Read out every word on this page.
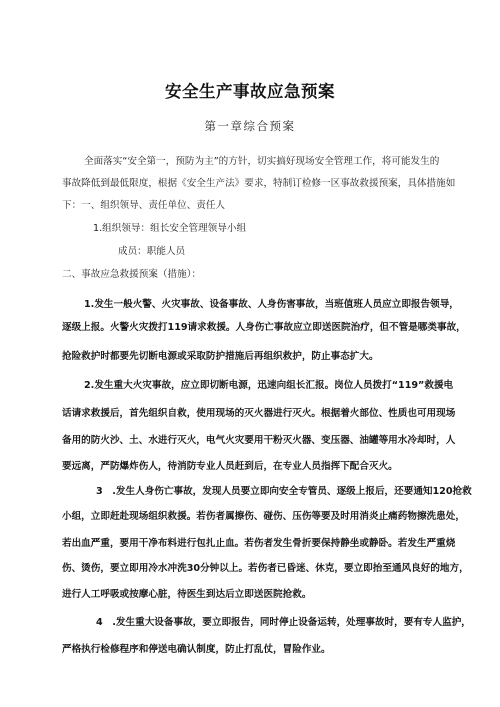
安全生产事故应急预案
第一章综合预案
全面落实“安全第一，预防为主”的方针，切实搞好现场安全管理工作，将可能发生的
事故降低到最低限度，根据《安全生产法》要求，特制订检修一区事故救援预案，具体措施如
下：一、组织领导、责任单位、责任人
1.组织领导：组长安全管理领导小组
成员：职能人员
二、事故应急救援预案（措施）：
1.发生一般火警、火灾事故、设备事故、人身伤害事故，当班值班人员应立即报告领导，
逐级上报。火警火灾拨打119请求救援。人身伤亡事故应立即送医院治疗，但不管是哪类事故，
抢险救护时都要先切断电源或采取防护措施后再组织救护，防止事态扩大。
2.发生重大火灾事故，应立即切断电源，迅速向组长汇报。岗位人员拨打“119”救援电
话请求救援后，首先组织自救，使用现场的灭火器进行灭火。根据着火部位、性质也可用现场
备用的防火沙、土、水进行灭火，电气火灾要用干粉灭火器、变压器、油罐等用水冷却时，人
要远离，严防爆炸伤人，待消防专业人员赶到后，在专业人员指挥下配合灭火。
3　.发生人身伤亡事故，发现人员要立即向安全专管员、逐级上报后，还要通知120抢救
小组，立即赶赴现场组织救援。若伤者属擦伤、碰伤、压伤等要及时用消炎止痛药物擦洗患处，
若出血严重，要用干净布料进行包扎止血。若伤者发生骨折要保持静坐或静卧。若发生严重烧
伤、烫伤，要立即用冷水冲洗30分钟以上。若伤者已昏迷、休克，要立即抬至通风良好的地方，
进行人工呼吸或按摩心脏，待医生到达后立即送医院抢救。
4　.发生重大设备事故，要立即报告，同时停止设备运转，处理事故时，要有专人监护，
严格执行检修程序和停送电确认制度，防止打乱仗，冒险作业。
